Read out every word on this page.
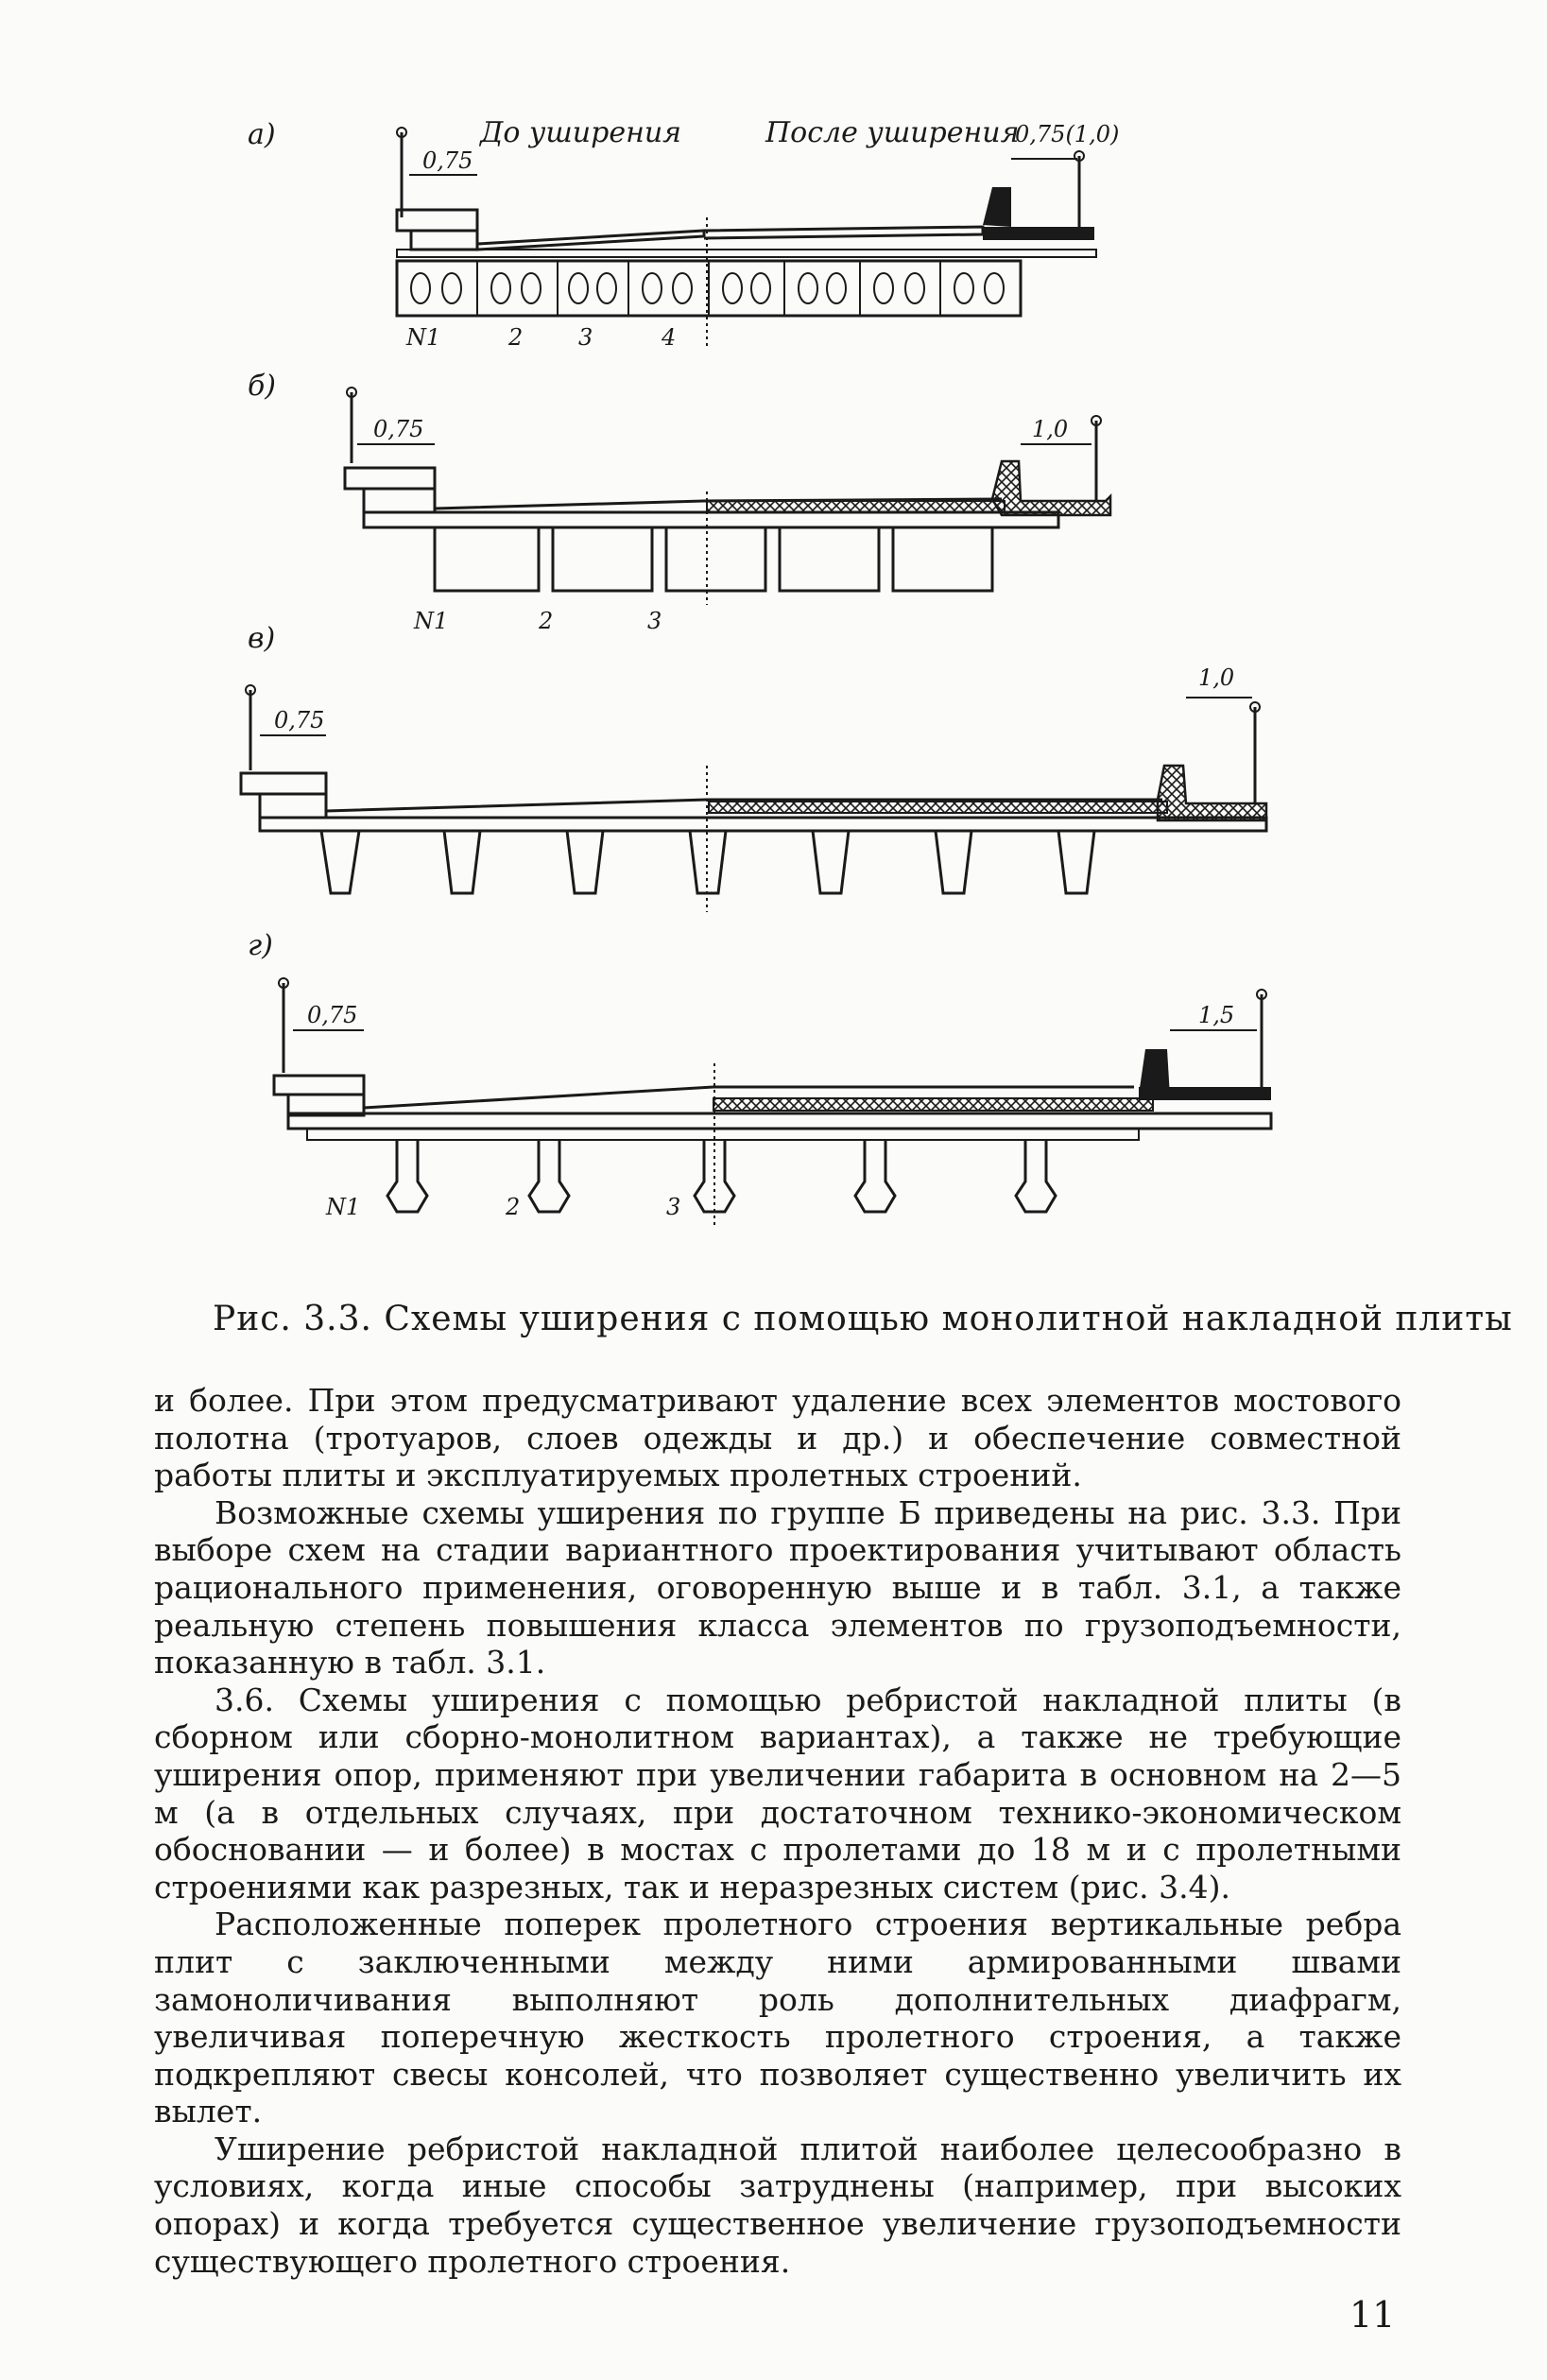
а)	До уширения	После уширения
0,75
0,75(1,0)
N1	2 3	4
б)
0,75	1,0
N1	2	3
в)
0,75
1,0
г)
0,75	1,5
N1	2	3
Рис. 3.3. Схемы уширения с помощью монолитной накладной плиты

и более. При этом предусматривают удаление всех элементов мостового полотна (тротуаров, слоев одежды и др.) и обеспечение совместной работы плиты и эксплуатируемых пролетных строений.

Возможные схемы уширения по группе Б приведены на рис. 3.3. При выборе схем на стадии вариантного проектирования учитывают область рационального применения, оговоренную выше и в табл. 3.1, а также реальную степень повышения класса элементов по грузоподъемности, показанную в табл. 3.1.

3.6. Схемы уширения с помощью ребристой накладной плиты (в сборном или сборно-монолитном вариантах), а также не требующие уширения опор, применяют при увеличении габарита в основном на 2—5 м (а в отдельных случаях, при достаточном технико-экономическом обосновании — и более) в мостах с пролетами до 18 м и с пролетными строениями как разрезных, так и неразрезных систем (рис. 3.4).

Расположенные поперек пролетного строения вертикальные ребра плит с заключенными между ними армированными швами замоноличивания выполняют роль дополнительных диафрагм, увеличивая поперечную жесткость пролетного строения, а также подкрепляют свесы консолей, что позволяет существенно увеличить их вылет.

Уширение ребристой накладной плитой наиболее целесообразно в условиях, когда иные способы затруднены (например, при высоких опорах) и когда требуется существенное увеличение грузоподъемности существующего пролетного строения.

11
